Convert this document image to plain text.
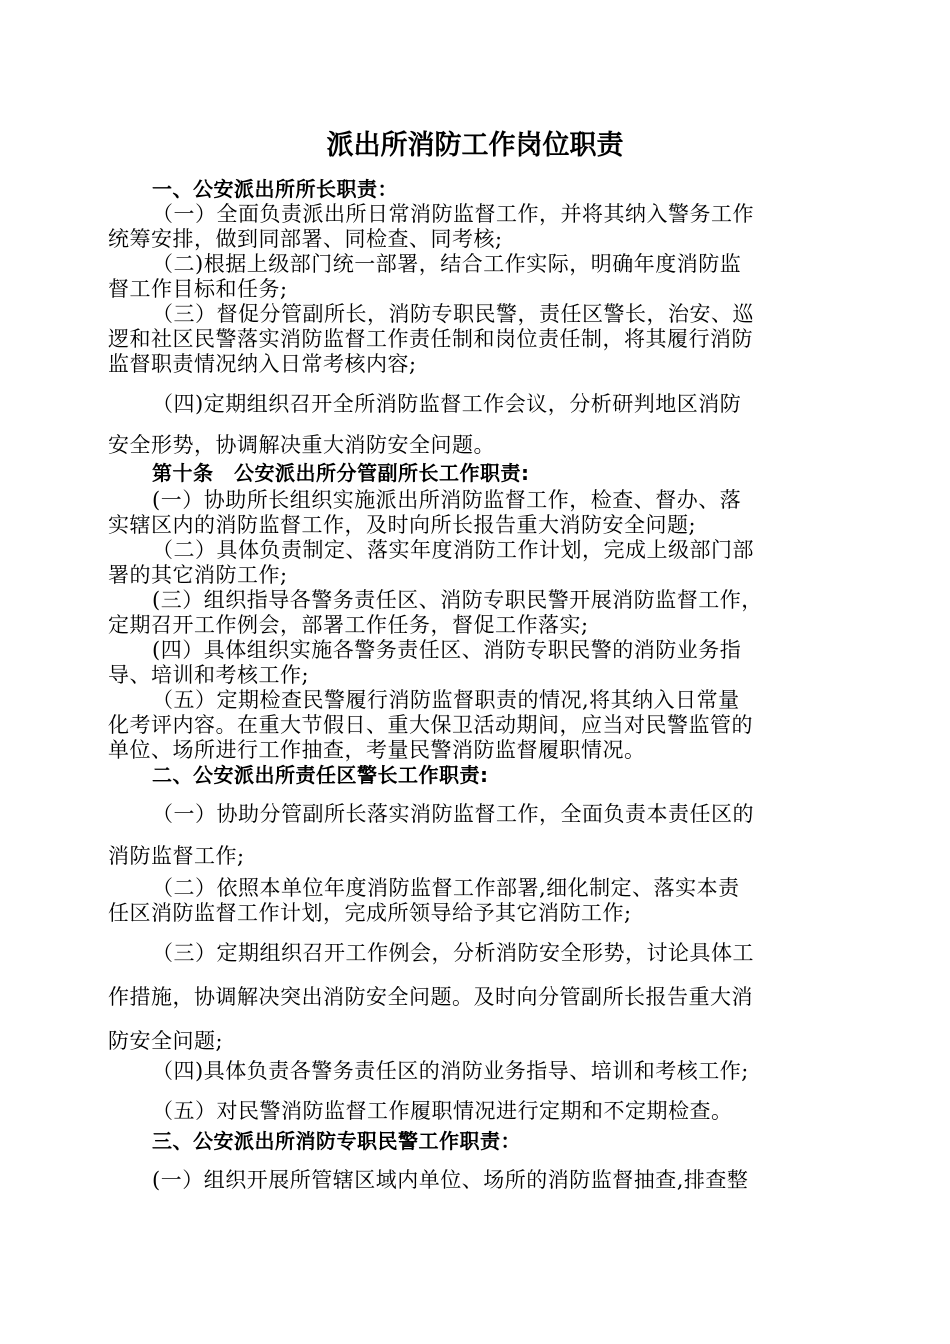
派出所消防工作岗位职责
一、公安派出所所长职责：
（一）全面负责派出所日常消防监督工作，并将其纳入警务工作
统筹安排，做到同部署、同检查、同考核;
（二)根据上级部门统一部署，结合工作实际，明确年度消防监
督工作目标和任务;
（三）督促分管副所长，消防专职民警，责任区警长，治安、巡
逻和社区民警落实消防监督工作责任制和岗位责任制，将其履行消防
监督职责情况纳入日常考核内容;
（四)定期组织召开全所消防监督工作会议，分析研判地区消防
安全形势，协调解决重大消防安全问题。
第十条　公安派出所分管副所长工作职责:
(一）协助所长组织实施派出所消防监督工作，检查、督办、落
实辖区内的消防监督工作，及时向所长报告重大消防安全问题;
（二）具体负责制定、落实年度消防工作计划，完成上级部门部
署的其它消防工作;
(三）组织指导各警务责任区、消防专职民警开展消防监督工作，
定期召开工作例会，部署工作任务，督促工作落实;
(四）具体组织实施各警务责任区、消防专职民警的消防业务指
导、培训和考核工作;
（五）定期检查民警履行消防监督职责的情况,将其纳入日常量
化考评内容。在重大节假日、重大保卫活动期间，应当对民警监管的
单位、场所进行工作抽查，考量民警消防监督履职情况。
二、公安派出所责任区警长工作职责:
（一）协助分管副所长落实消防监督工作，全面负责本责任区的
消防监督工作;
（二）依照本单位年度消防监督工作部署,细化制定、落实本责
任区消防监督工作计划，完成所领导给予其它消防工作;
（三）定期组织召开工作例会，分析消防安全形势，讨论具体工
作措施，协调解决突出消防安全问题。及时向分管副所长报告重大消
防安全问题;
（四)具体负责各警务责任区的消防业务指导、培训和考核工作;
（五）对民警消防监督工作履职情况进行定期和不定期检查。
三、公安派出所消防专职民警工作职责：
(一）组织开展所管辖区域内单位、场所的消防监督抽查,排查整
